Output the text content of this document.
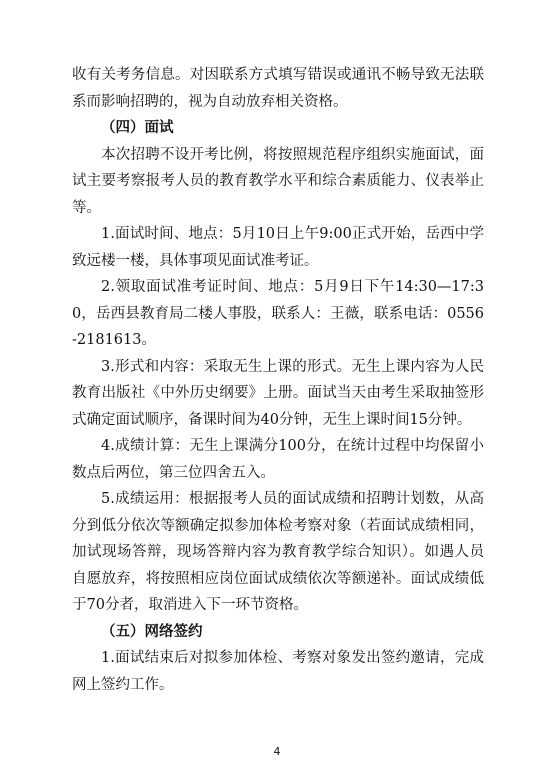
收有关考务信息。对因联系方式填写错误或通讯不畅导致无法联系而影响招聘的，视为自动放弃相关资格。

（四）面试

本次招聘不设开考比例，将按照规范程序组织实施面试，面试主要考察报考人员的教育教学水平和综合素质能力、仪表举止等。

1.面试时间、地点：5月10日上午9:00正式开始，岳西中学致远楼一楼，具体事项见面试准考证。

2.领取面试准考证时间、地点：5月9日下午14:30—17:30，岳西县教育局二楼人事股，联系人：王薇，联系电话：0556-2181613。

3.形式和内容：采取无生上课的形式。无生上课内容为人民教育出版社《中外历史纲要》上册。面试当天由考生采取抽签形式确定面试顺序，备课时间为40分钟，无生上课时间15分钟。

4.成绩计算：无生上课满分100分，在统计过程中均保留小数点后两位，第三位四舍五入。

5.成绩运用：根据报考人员的面试成绩和招聘计划数，从高分到低分依次等额确定拟参加体检考察对象（若面试成绩相同，加试现场答辩，现场答辩内容为教育教学综合知识）。如遇人员自愿放弃，将按照相应岗位面试成绩依次等额递补。面试成绩低于70分者，取消进入下一环节资格。

（五）网络签约

1.面试结束后对拟参加体检、考察对象发出签约邀请，完成网上签约工作。

4
